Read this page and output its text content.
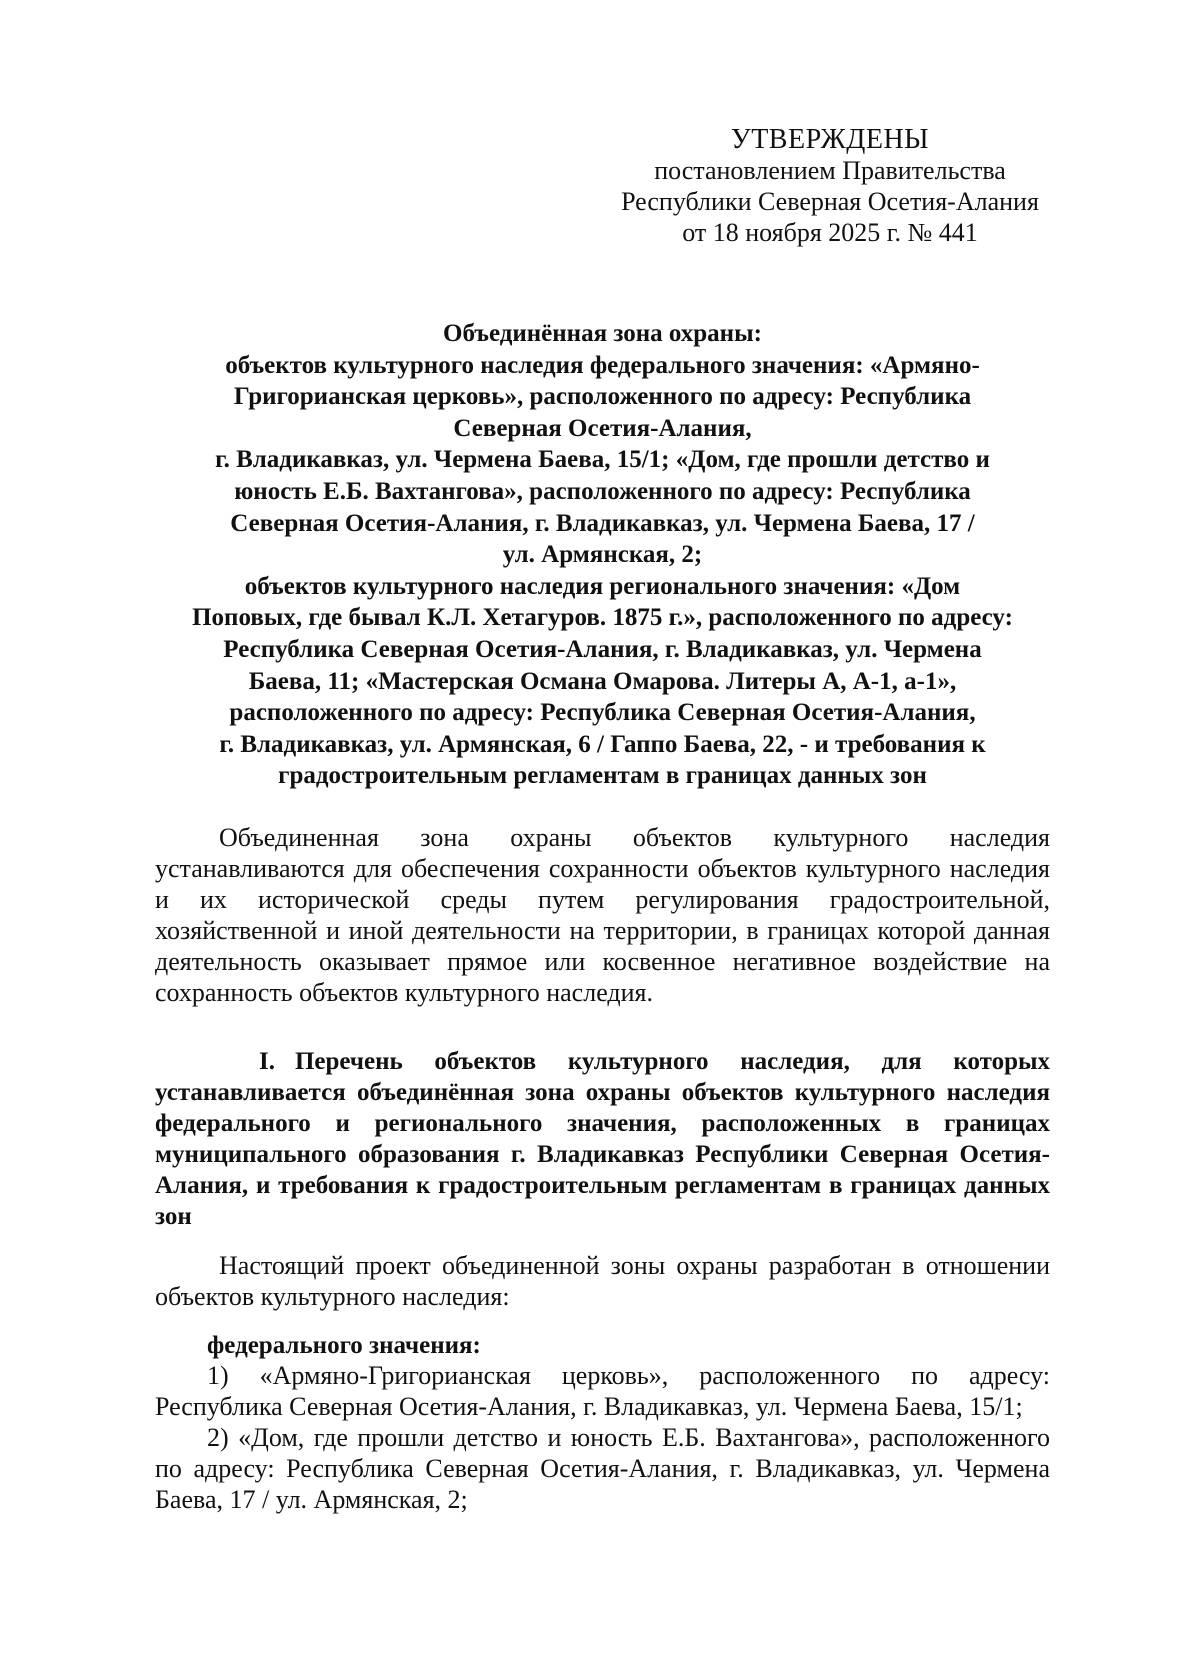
УТВЕРЖДЕНЫ
постановлением Правительства
Республики Северная Осетия-Алания
от 18 ноября 2025 г. № 441
Объединённая зона охраны:
объектов культурного наследия федерального значения: «Армяно-
Григорианская церковь», расположенного по адресу: Республика
Северная Осетия-Алания,
г. Владикавказ, ул. Чермена Баева, 15/1; «Дом, где прошли детство и
юность Е.Б. Вахтангова», расположенного по адресу: Республика
Северная Осетия-Алания, г. Владикавказ, ул. Чермена Баева, 17 /
ул. Армянская, 2;
объектов культурного наследия регионального значения: «Дом
Поповых, где бывал К.Л. Хетагуров. 1875 г.», расположенного по адресу:
Республика Северная Осетия-Алания, г. Владикавказ, ул. Чермена
Баева, 11; «Мастерская Османа Омарова. Литеры А, А-1, а-1»,
расположенного по адресу: Республика Северная Осетия-Алания,
г. Владикавказ, ул. Армянская, 6 / Гаппо Баева, 22, - и требования к
градостроительным регламентам в границах данных зон

Объединенная зона охраны объектов культурного наследия устанавливаются для обеспечения сохранности объектов культурного наследия и их исторической среды путем регулирования градостроительной, хозяйственной и иной деятельности на территории, в границах которой данная деятельность оказывает прямое или косвенное негативное воздействие на сохранность объектов культурного наследия.

I. Перечень объектов культурного наследия, для которых устанавливается объединённая зона охраны объектов культурного наследия федерального и регионального значения, расположенных в границах муниципального образования г. Владикавказ Республики Северная Осетия-Алания, и требования к градостроительным регламентам в границах данных зон

Настоящий проект объединенной зоны охраны разработан в отношении объектов культурного наследия:

федерального значения:

1) «Армяно-Григорианская церковь», расположенного по адресу: Республика Северная Осетия-Алания, г. Владикавказ, ул. Чермена Баева, 15/1;

2) «Дом, где прошли детство и юность Е.Б. Вахтангова», расположенного по адресу: Республика Северная Осетия-Алания, г. Владикавказ, ул. Чермена Баева, 17 / ул. Армянская, 2;
